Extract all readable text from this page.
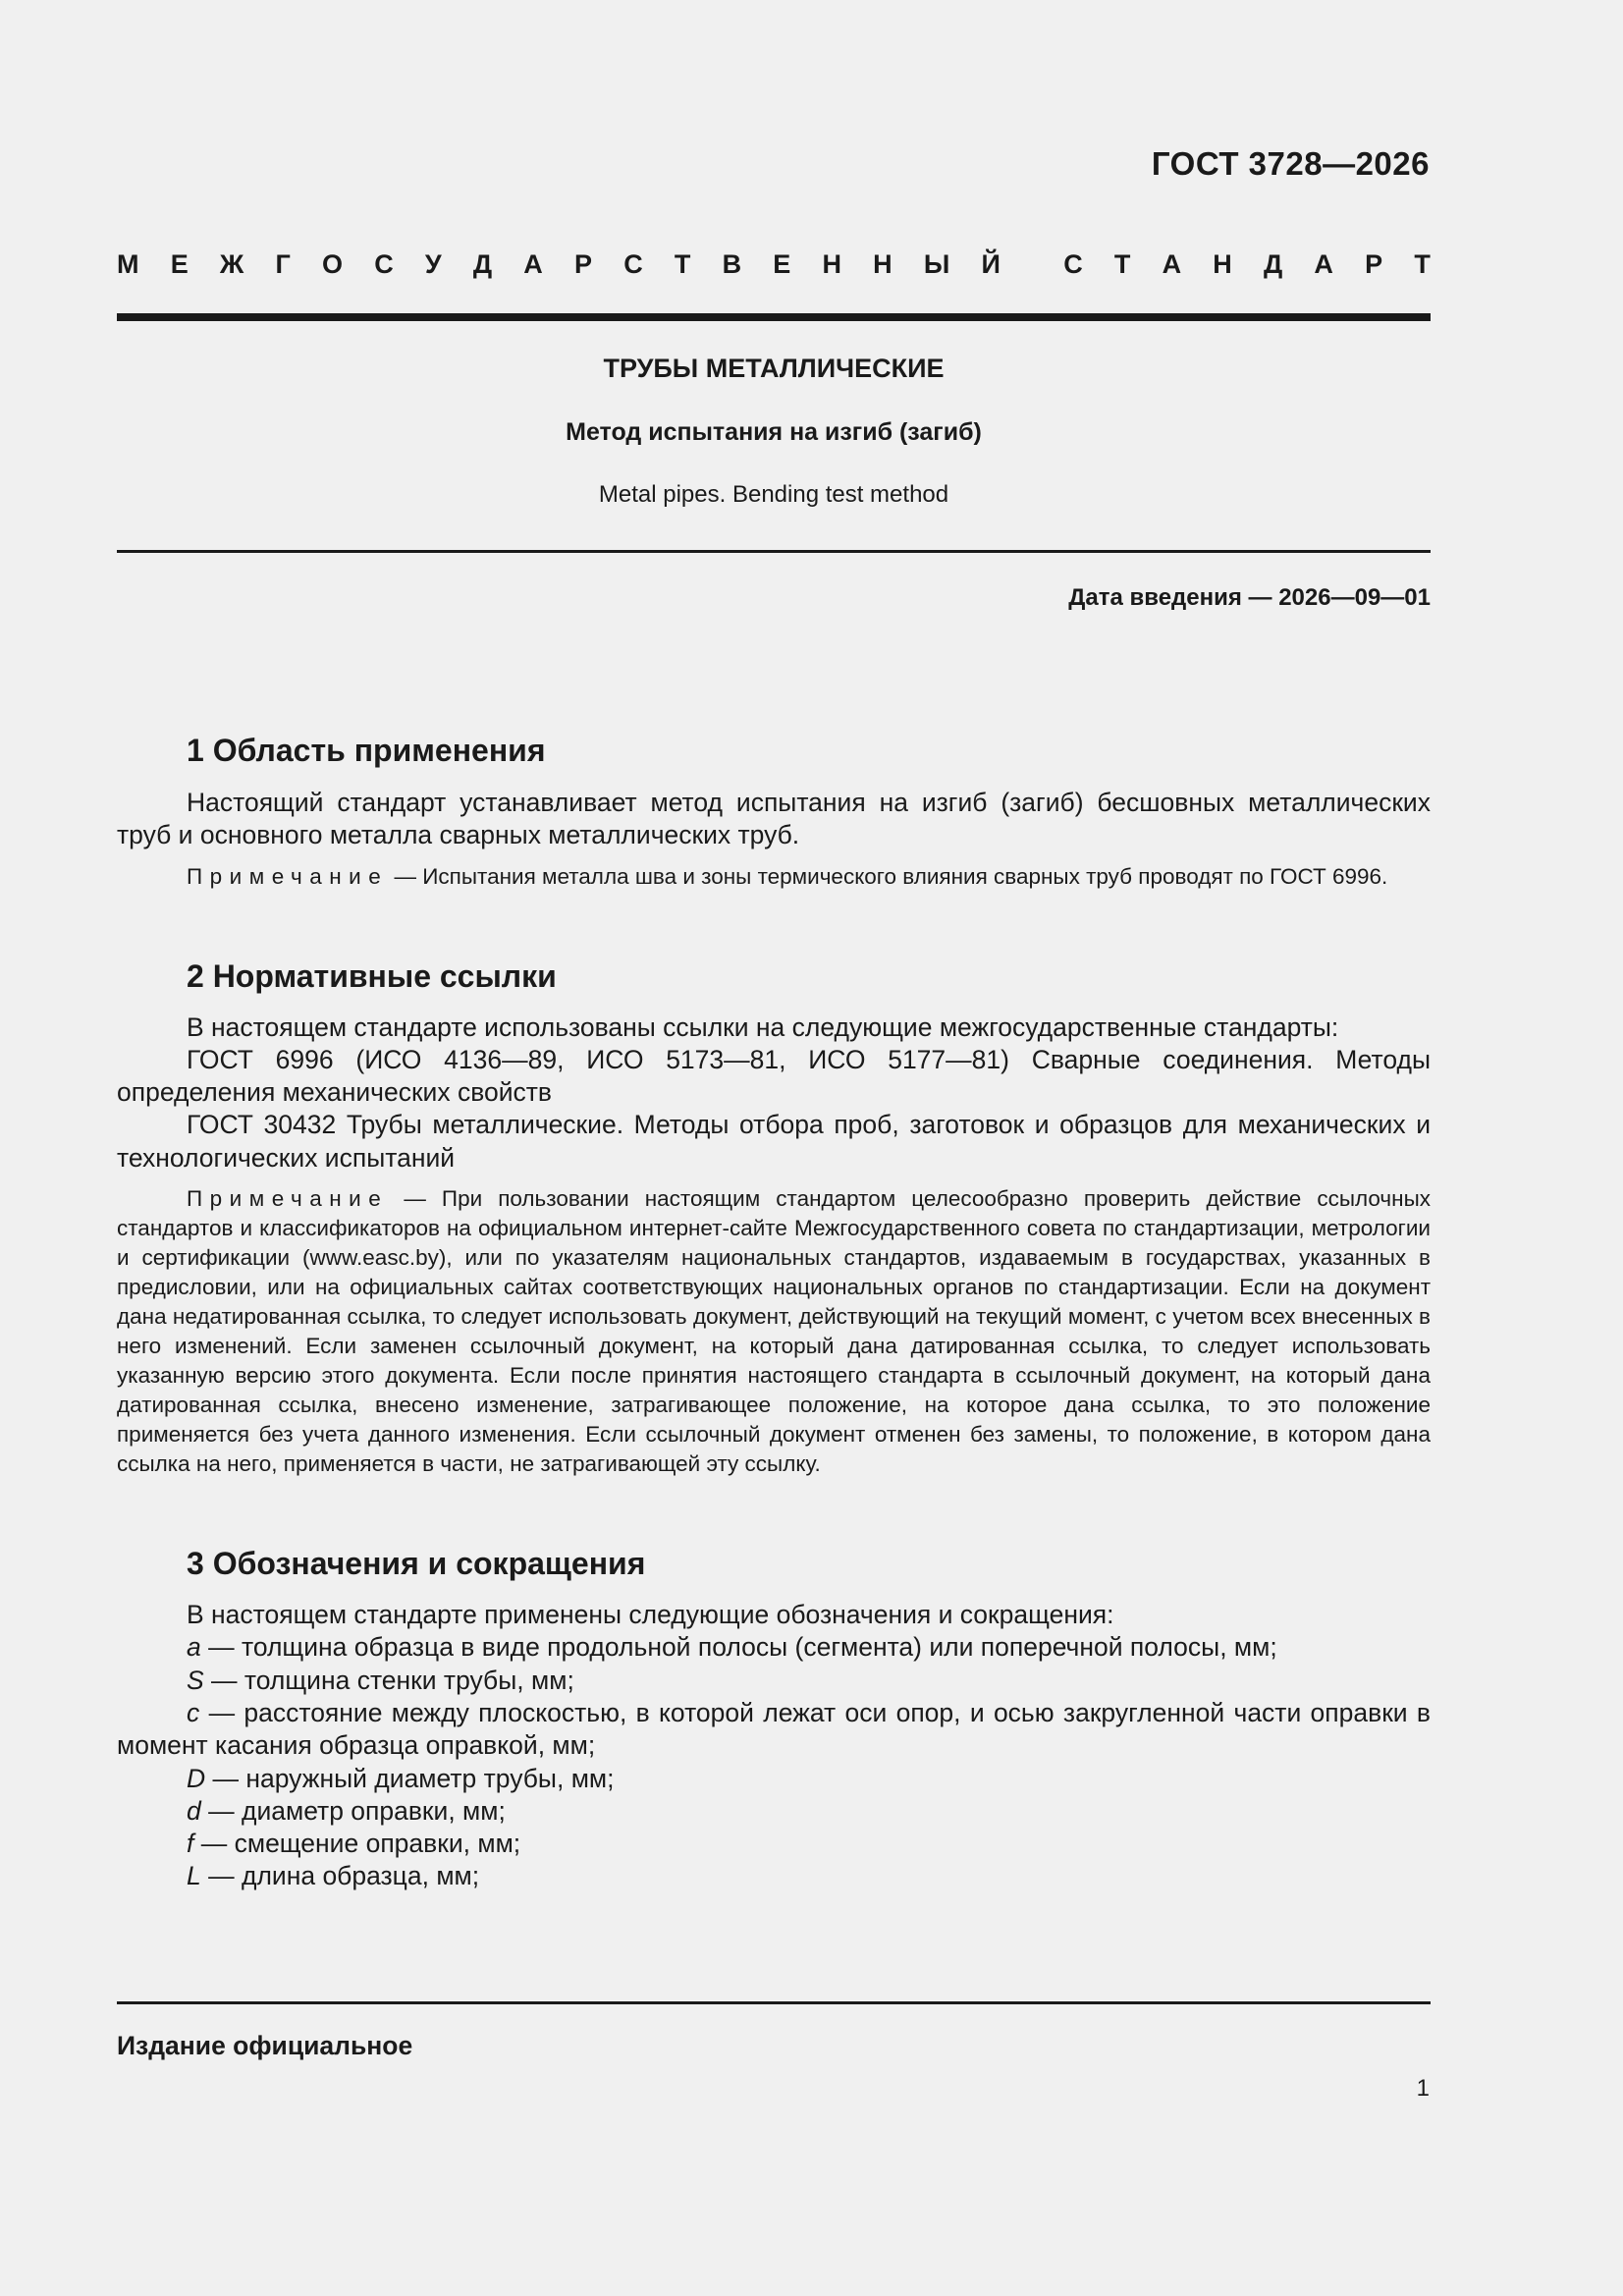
ГОСТ 3728—2026
М Е Ж Г О С У Д А Р С Т В Е Н Н Ы Й С Т А Н Д А Р Т
ТРУБЫ МЕТАЛЛИЧЕСКИЕ
Метод испытания на изгиб (загиб)
Metal pipes. Bending test method
Дата введения — 2026—09—01
1 Область применения

Настоящий стандарт устанавливает метод испытания на изгиб (загиб) бесшовных металлических труб и основного металла сварных металлических труб.

Примечание — Испытания металла шва и зоны термического влияния сварных труб проводят по ГОСТ 6996.

2 Нормативные ссылки

В настоящем стандарте использованы ссылки на следующие межгосударственные стандарты:

ГОСТ 6996 (ИСО 4136—89, ИСО 5173—81, ИСО 5177—81) Сварные соединения. Методы определения механических свойств

ГОСТ 30432 Трубы металлические. Методы отбора проб, заготовок и образцов для механических и технологических испытаний

Примечание — При пользовании настоящим стандартом целесообразно проверить действие ссылочных стандартов и классификаторов на официальном интернет-сайте Межгосударственного совета по стандартизации, метрологии и сертификации (www.easc.by), или по указателям национальных стандартов, издаваемым в государствах, указанных в предисловии, или на официальных сайтах соответствующих национальных органов по стандартизации. Если на документ дана недатированная ссылка, то следует использовать документ, действующий на текущий момент, с учетом всех внесенных в него изменений. Если заменен ссылочный документ, на который дана датированная ссылка, то следует использовать указанную версию этого документа. Если после принятия настоящего стандарта в ссылочный документ, на который дана датированная ссылка, внесено изменение, затрагивающее положение, на которое дана ссылка, то это положение применяется без учета данного изменения. Если ссылочный документ отменен без замены, то положение, в котором дана ссылка на него, применяется в части, не затрагивающей эту ссылку.

3 Обозначения и сокращения

В настоящем стандарте применены следующие обозначения и сокращения:

a — толщина образца в виде продольной полосы (сегмента) или поперечной полосы, мм;

S — толщина стенки трубы, мм;

c — расстояние между плоскостью, в которой лежат оси опор, и осью закругленной части оправки в момент касания образца оправкой, мм;

D — наружный диаметр трубы, мм;

d — диаметр оправки, мм;

f — смещение оправки, мм;

L — длина образца, мм;

Издание официальное
1
